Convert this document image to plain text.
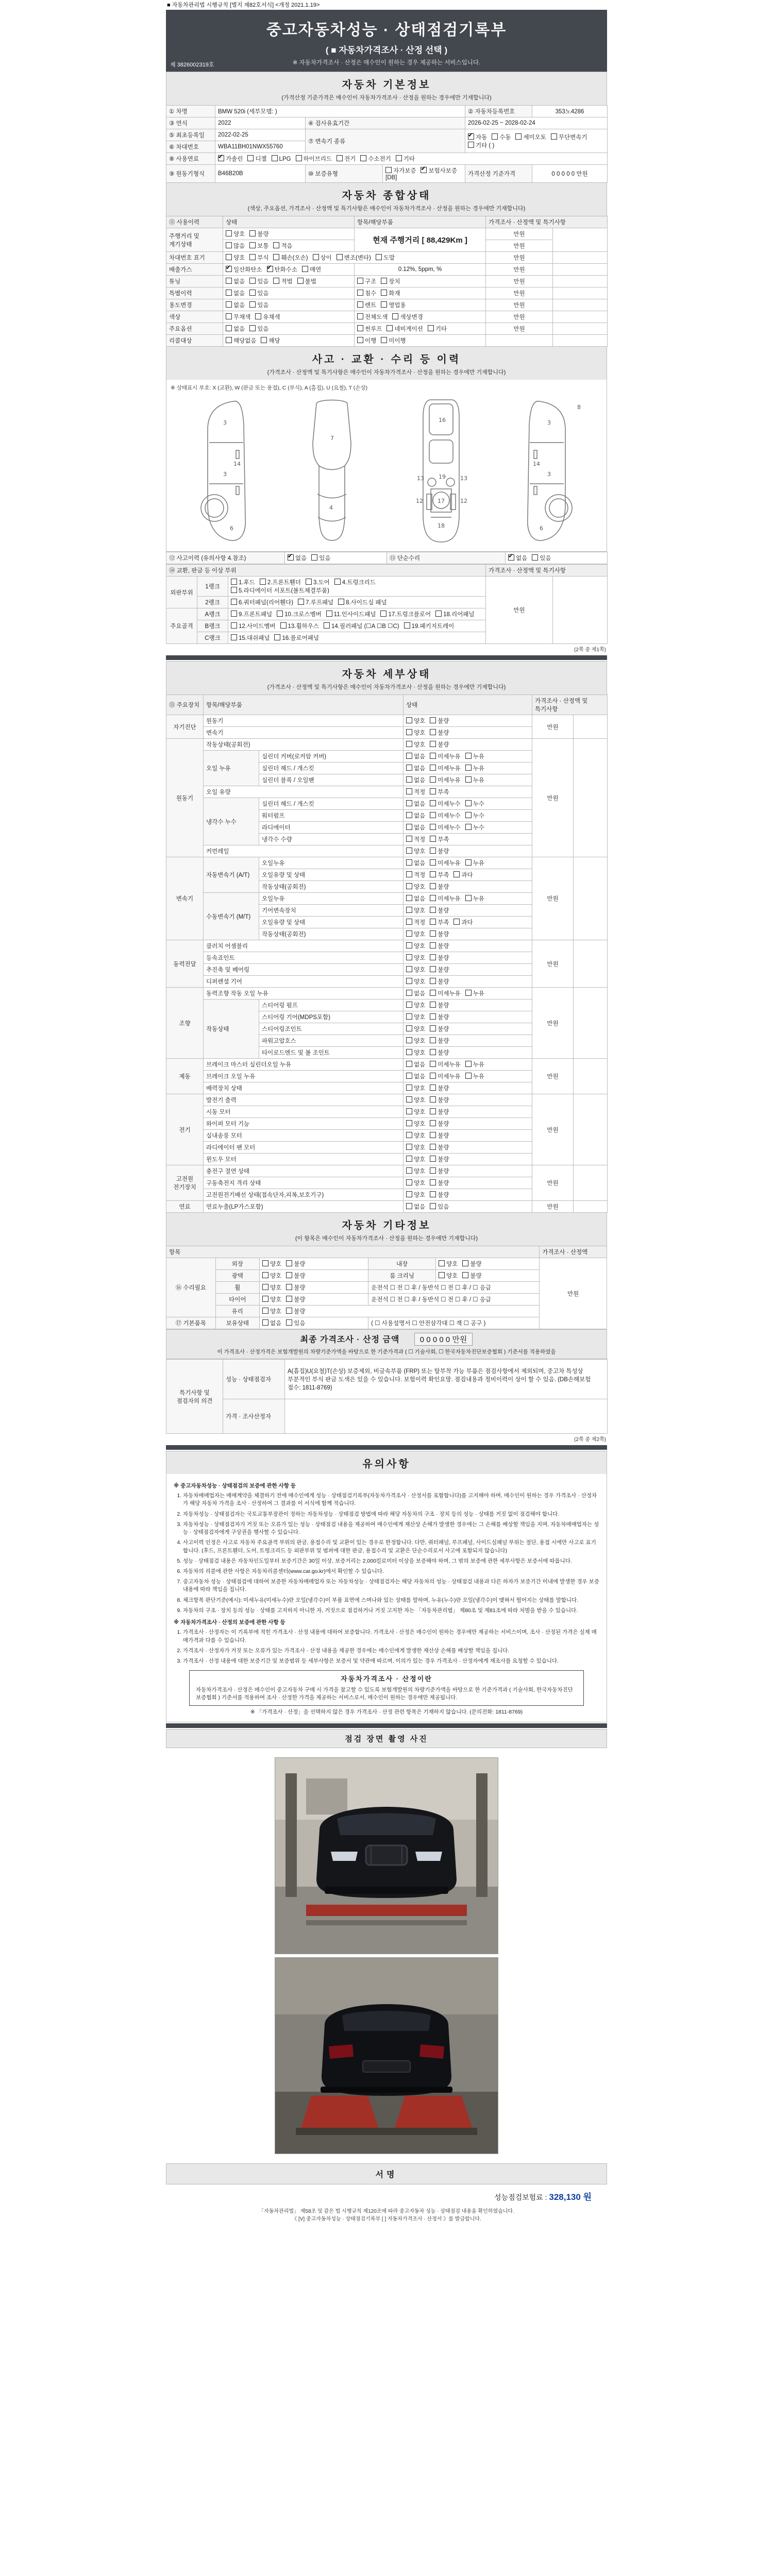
■ 자동차관리법 시행규칙 [별지 제82호서식] <개정 2021.1.19>
중고자동차성능 · 상태점검기록부
( ■ 자동차가격조사 · 산정 선택 )
※ 자동차가격조사 · 산정은 매수인이 원하는 경우 제공하는 서비스입니다.
제 3826002319호
자동차 기본정보
(가격산정 기준가격은 매수인이 자동차가격조사 · 산정을 원하는 경우에만 기재합니다)
① 차명	BMW 520i (세부모델: )			② 자동차등록번호	353노4286
③ 연식	2022	④ 검사유효기간		2026-02-25 ~ 2028-02-24	
⑤ 최초등록일	2022-02-25	⑦ 변속기 종류	✔자동 수동 세미오토 무단변속기기타 ( )
⑥ 차대번호	WBA11BH01NWX55760				
⑧ 사용연료	✔가솔린 디젤 LPG 하이브리드 전기 수소전기 기타
⑨ 원동기형식	B46B20B	⑩ 보증유형	자가보증 ✔ 보험사보증 [DB]	가격산정 기준가격	0 0 0 0 0 만원
자동차 종합상태
(색상, 주요옵션, 가격조사 · 산정액 및 특기사항은 매수인이 자동차가격조사 · 산정을 원하는 경우에만 기재합니다)
⑪ 사용이력	상태	항목/해당부품	가격조사 · 산정액 및 특기사항	
주행거리 및 계기상태	양호 불량	현재 주행거리 [ 88,429Km ]	만원	
	많음 보통 적음		만원	
차대번호 표기	양호 부식 훼손(오손) 상이 변조(변타) 도말		만원	
배출가스	✔일산화탄소 ✔ 탄화수소 매연	0.12%, 5ppm, %	만원	
튜닝	없음 있음 적법 불법	구조 장치	만원	
특별이력	없음 있음	침수 화재	만원	
용도변경	없음 있음	렌트 영업용	만원	
색상	무채색 유채색	전체도색 색상변경	만원	
주요옵션	없음 있음	썬루프 네비게이션 기타	만원	
리콜대상	해당없음 해당	이행 미이행		
사고 · 교환 · 수리 등 이력
(가격조사 · 산정액 및 특기사항은 매수인이 자동차가격조사 · 산정을 원하는 경우에만 기재합니다)
※ 상태표시 부호: X (교환), W (판금 또는 용접), C (부식), A (흠집), U (요철), T (손상)
3
14
3
6
7
4
16
19
13	13
12	12
17
18
3
14
3
6
8
⑫ 사고이력 (유의사항 4.참조)	✔없음 있음	⑬ 단순수리	✔없음 있음
⑭ 교환, 판금 등 이상 부위			가격조사 · 산정액 및 특기사항	
외판부위	1랭크	1.후드 2.프론트휀더 3.도어 4.트렁크리드5.라디에이터 서포트(볼트체결부품)	만원	
	2랭크	6.쿼터패널(리어휀다) 7.루프패널 8.사이드실 패널		
주요골격	A랭크	9.프론트패널 10.크로스멤버 11.인사이드패널 17.트렁크플로어 18.리어패널		
	B랭크	12.사이드멤버 13.휠하우스 14.필러패널 (☐A ☐B ☐C) 19.패키지트레이		
	C랭크	15.대쉬패널 16.플로어패널		
(2쪽 중 제1쪽)
자동차 세부상태
(가격조사 · 산정액 및 특기사항은 매수인이 자동차가격조사 · 산정을 원하는 경우에만 기재합니다)
⑮ 주요장치	항목/해당부품		상태	가격조사 · 산정액 및 특기사항	
자기진단	원동기		양호 불량	만원	
	변속기		양호 불량		
원동기	작동상태(공회전)		양호 불량	만원	
	오일 누유	실린더 커버(로커암 커버)	없음 미세누유 누유		
		실린더 헤드 / 개스킷	없음 미세누유 누유		
		실린더 블록 / 오일팬	없음 미세누유 누유		
	오일 유량		적정 부족		
	냉각수 누수	실린더 헤드 / 개스킷	없음 미세누수 누수		
		워터펌프	없음 미세누수 누수		
		라디에이터	없음 미세누수 누수		
		냉각수 수량	적정 부족		
	커먼레일		양호 불량		
변속기	자동변속기 (A/T)	오일누유	없음 미세누유 누유	만원	
		오일유량 및 상태	적정 부족 과다		
		작동상태(공회전)	양호 불량		
	수동변속기 (M/T)	오일누유	없음 미세누유 누유		
		기어변속장치	양호 불량		
		오일유량 및 상태	적정 부족 과다		
		작동상태(공회전)	양호 불량		
동력전달	클러치 어셈블리		양호 불량	만원	
	등속죠인트		양호 불량		
	추진축 및 베어링		양호 불량		
	디퍼렌셜 기어		양호 불량		
조향	동력조향 작동 오일 누유		없음 미세누유 누유	만원	
	작동상태	스티어링 펌프	양호 불량		
		스티어링 기어(MDPS포함)	양호 불량		
		스티어링조인트	양호 불량		
		파워고압호스	양호 불량		
		타이로드엔드 및 볼 조인트	양호 불량		
제동	브레이크 마스터 실린더오일 누유		없음 미세누유 누유	만원	
	브레이크 오일 누유		없음 미세누유 누유		
	배력장치 상태		양호 불량		
전기	발전기 출력		양호 불량	만원	
	시동 모터		양호 불량		
	와이퍼 모터 기능		양호 불량		
	실내송풍 모터		양호 불량		
	라디에이터 팬 모터		양호 불량		
	윈도우 모터		양호 불량		
고전원 전기장치	충전구 절연 상태		양호 불량	만원	
	구동축전지 격리 상태		양호 불량		
	고전원전기배선 상태(접속단자,피복,보호기구)		양호 불량		
연료	연료누출(LP가스포함)		없음 있음	만원	
자동차 기타정보
(이 항목은 매수인이 자동차가격조사 · 산정을 원하는 경우에만 기재합니다)
항목					가격조사 · 산정액
⑯ 수리필요	외장	양호 불량	내장	양호 불량	만원
	광택	양호 불량	룸 크리닝	양호 불량	
	휠	양호 불량	운전석 ☐ 전 ☐ 후 / 동반석 ☐ 전 ☐ 후 / ☐ 응급		
	타이어	양호 불량	운전석 ☐ 전 ☐ 후 / 동반석 ☐ 전 ☐ 후 / ☐ 응급		
	유리	양호 불량			
⑰ 기본품목	보유상태	없음 있음	( ☐ 사용설명서 ☐ 안전삼각대 ☐ 잭 ☐ 공구 )		
최종 가격조사 · 산정 금액	0 0 0 0 0 만원
이 가격조사 · 산정가격은 보험개발원의 차량기준가액을 바탕으로 한 기준가격과 ( ☐ 기술사회, ☐ 한국자동차진단보증협회 ) 기준서를 적용하였음
특기사항 및 점검자의 의견	성능 · 상태점검자	A(흠집)U(요철)T(손상) 보증제외, 비금속부품 (FRP) 또는 탈부착 가능 부품은 점검사항에서 제외되며, 중고차 특성상 부분적인 부식 판금 도색은 있을 수 있습니다. 보험이력 확인요망. 점검내용과 정비이력이 상이 할 수 있음. (DB손해보험 접수: 1811-8769)
	가격 · 조사산정자	
(2쪽 중 제2쪽)
유의사항
※ 중고자동차성능 · 상태점검의 보증에 관한 사항 등
1. 자동차매매업자는 매매계약을 체결하기 전에 매수인에게 성능 · 상태점검기록부(자동차가격조사 · 산정서를 포함합니다)를 고지해야 하며, 매수인이 원하는 경우 가격조사 · 산정자가 해당 자동차 가격을 조사 · 산정하여 그 결과를 이 서식에 함께 적습니다.
2. 자동차성능 · 상태점검자는 국토교통부장관이 정하는 자동차성능 · 상태점검 방법에 따라 해당 자동차의 구조 · 장치 등의 성능 · 상태를 거짓 없이 점검해야 합니다.
3. 자동차성능 · 상태점검자가 거짓 또는 오류가 있는 성능 · 상태점검 내용을 제공하여 매수인에게 재산상 손해가 발생한 경우에는 그 손해를 배상할 책임을 지며, 자동차매매업자는 성능 · 상태점검자에게 구상권을 행사할 수 있습니다.
4. 사고이력 인정은 사고로 자동차 주요골격 부위의 판금, 용접수리 및 교환이 있는 경우로 한정합니다. 다만, 쿼터패널, 루프패널, 사이드실패널 부위는 절단, 용접 시에만 사고로 표기합니다. (후드, 프론트휀더, 도어, 트렁크리드 등 외판부위 및 범퍼에 대한 판금, 용접수리 및 교환은 단순수리로서 사고에 포함되지 않습니다)
5. 성능 · 상태점검 내용은 자동차인도일부터 보증기간은 30일 이상, 보증거리는 2,000킬로미터 이상을 보증해야 하며, 그 밖의 보증에 관한 세부사항은 보증서에 따릅니다.
6. 자동차의 리콜에 관한 사항은 자동차리콜센터(www.car.go.kr)에서 확인할 수 있습니다.
7. 중고자동차 성능 · 상태점검에 대하여 보증한 자동차매매업자 또는 자동차성능 · 상태점검자는 해당 자동차의 성능 · 상태점검 내용과 다른 하자가 보증기간 이내에 발생한 경우 보증 내용에 따라 책임을 집니다.
8. 체크항목 판단기준(예시): 미세누유(미세누수)란 오일(냉각수)이 부품 표면에 스며나와 있는 상태를 말하며, 누유(누수)란 오일(냉각수)이 맺혀서 떨어지는 상태를 말합니다.
9. 자동차의 구조 · 장치 등의 성능 · 상태를 고지하지 아니한 자, 거짓으로 점검하거나 거짓 고지한 자는 「자동차관리법」 제80조 및 제81조에 따라 처벌을 받을 수 있습니다.
※ 자동차가격조사 · 산정의 보증에 관한 사항 등
1. 가격조사 · 산정자는 이 기록부에 적힌 가격조사 · 산정 내용에 대하여 보증합니다. 가격조사 · 산정은 매수인이 원하는 경우에만 제공하는 서비스이며, 조사 · 산정된 가격은 실제 매매가격과 다를 수 있습니다.
2. 가격조사 · 산정자가 거짓 또는 오류가 있는 가격조사 · 산정 내용을 제공한 경우에는 매수인에게 발생한 재산상 손해를 배상할 책임을 집니다.
3. 가격조사 · 산정 내용에 대한 보증기간 및 보증범위 등 세부사항은 보증서 및 약관에 따르며, 이의가 있는 경우 가격조사 · 산정자에게 재조사를 요청할 수 있습니다.
자동차가격조사 · 산정이란
자동차가격조사 · 산정은 매수인이 중고자동차 구매 시 가격을 참고할 수 있도록 보험개발원의 차량기준가액을 바탕으로 한 기준가격과 ( 기술사회, 한국자동차진단보증협회 ) 기준서를 적용하여 조사 · 산정한 가격을 제공하는 서비스로서, 매수인이 원하는 경우에만 제공됩니다.
※ 「가격조사 · 산정」을 선택하지 않은 경우 가격조사 · 산정 관련 항목은 기재하지 않습니다. (문의전화: 1811-8769)
점검 장면 촬영 사진
서명
성능점검보험료 : 328,130 원
「자동차관리법」 제58조 및 같은 법 시행규칙 제120조에 따라 중고자동차 성능 · 상태점검 내용을 확인하였습니다.
《 [V] 중고자동차성능 · 상태점검기록부 [ ] 자동차가격조사 · 산정서 》를 발급합니다.
